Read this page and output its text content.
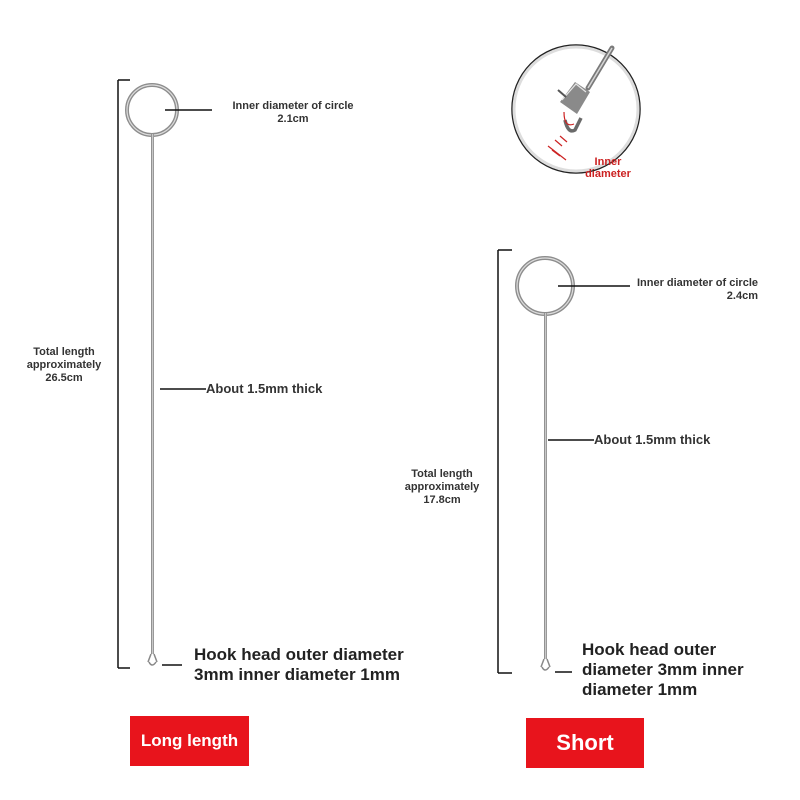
Inner diameter of circle
2.1cm
Total length
approximately
26.5cm
About 1.5mm thick
Hook head outer diameter
3mm inner diameter 1mm
Long length
Inner diameter of circle
2.4cm
Total length
approximately
17.8cm
About 1.5mm thick
Hook head outer
diameter 3mm inner
diameter 1mm
Short
Inner
diameter
